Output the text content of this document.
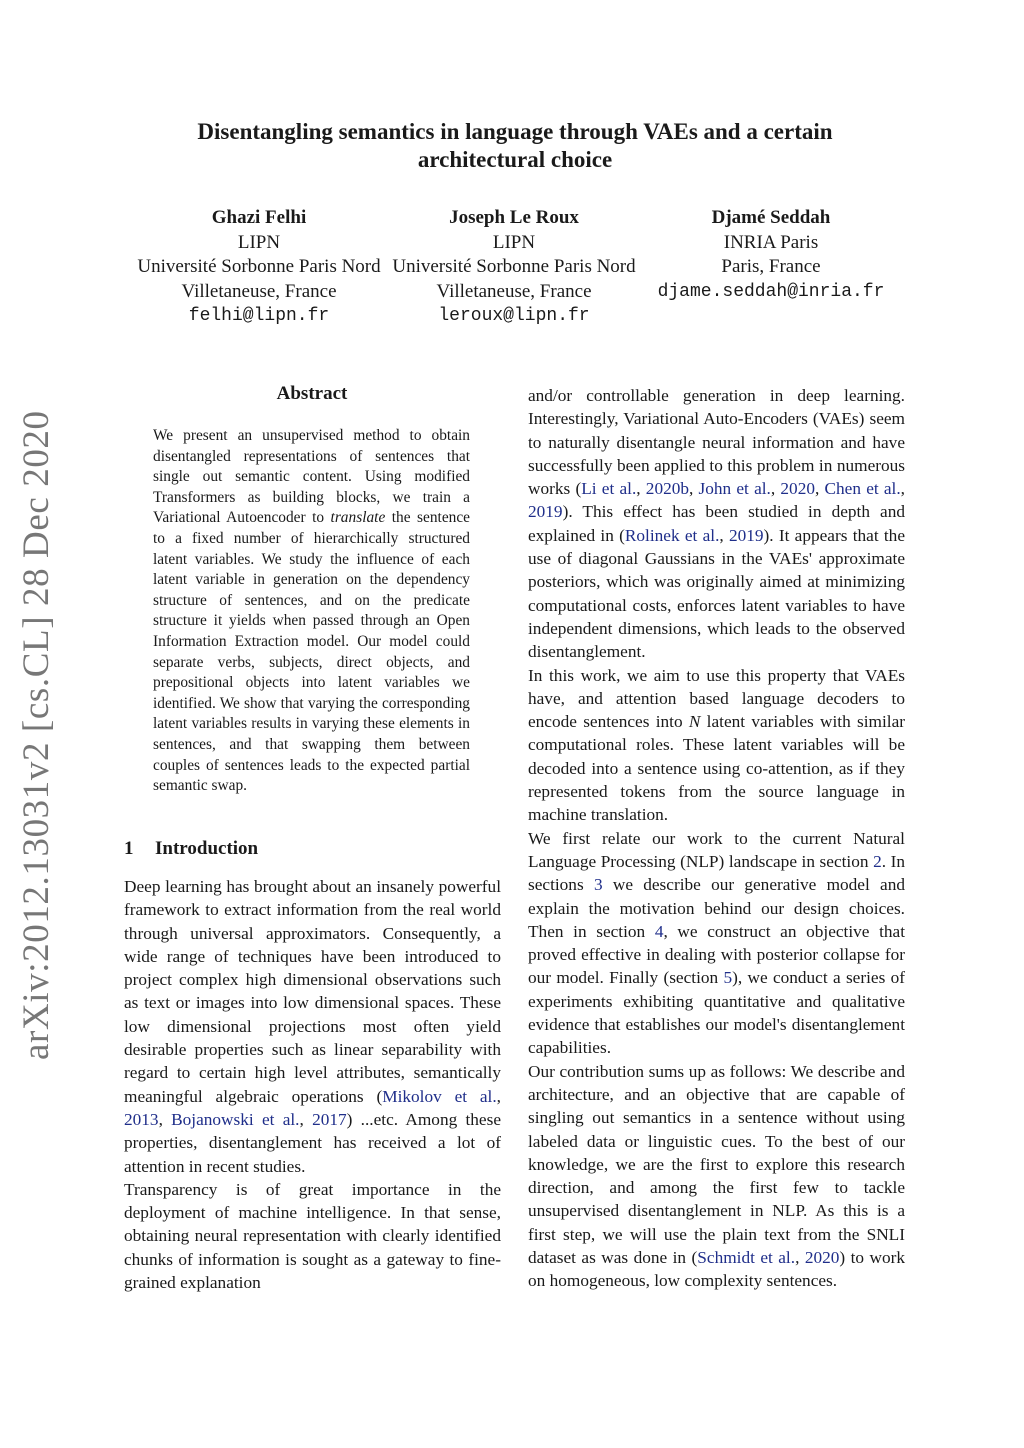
Disentangling semantics in language through VAEs and a certain
architectural choice
Ghazi Felhi
LIPN
Université Sorbonne Paris Nord
Villetaneuse, France
felhi@lipn.fr
Joseph Le Roux
LIPN
Université Sorbonne Paris Nord
Villetaneuse, France
leroux@lipn.fr
Djamé Seddah
INRIA Paris
Paris, France
djame.seddah@inria.fr
arXiv:2012.13031v2 [cs.CL] 28 Dec 2020
Abstract

We present an unsupervised method to obtain disentangled representations of sentences that single out semantic content. Using modified Transformers as building blocks, we train a Variational Autoencoder to translate the sentence to a fixed number of hierarchically structured latent variables. We study the influence of each latent variable in generation on the dependency structure of sentences, and on the predicate structure it yields when passed through an Open Information Extraction model. Our model could separate verbs, subjects, direct objects, and prepositional objects into latent variables we identified. We show that varying the corresponding latent variables results in varying these elements in sentences, and that swapping them between couples of sentences leads to the expected partial semantic swap.

1 Introduction

Deep learning has brought about an insanely powerful framework to extract information from the real world through universal approximators. Consequently, a wide range of techniques have been introduced to project complex high dimensional observations such as text or images into low dimensional spaces. These low dimensional projections most often yield desirable properties such as linear separability with regard to certain high level attributes, semantically meaningful algebraic operations (Mikolov et al., 2013, Bojanowski et al., 2017) ...etc. Among these properties, disentanglement has received a lot of attention in recent studies.

Transparency is of great importance in the deployment of machine intelligence. In that sense, obtaining neural representation with clearly identified chunks of information is sought as a gateway to fine-grained explanation

and/or controllable generation in deep learning. Interestingly, Variational Auto-Encoders (VAEs) seem to naturally disentangle neural information and have successfully been applied to this problem in numerous works (Li et al., 2020b, John et al., 2020, Chen et al., 2019). This effect has been studied in depth and explained in (Rolinek et al., 2019). It appears that the use of diagonal Gaussians in the VAEs' approximate posteriors, which was originally aimed at minimizing computational costs, enforces latent variables to have independent dimensions, which leads to the observed disentanglement.

In this work, we aim to use this property that VAEs have, and attention based language decoders to encode sentences into N latent variables with similar computational roles. These latent variables will be decoded into a sentence using co-attention, as if they represented tokens from the source language in machine translation.

We first relate our work to the current Natural Language Processing (NLP) landscape in section 2. In sections 3 we describe our generative model and explain the motivation behind our design choices. Then in section 4, we construct an objective that proved effective in dealing with posterior collapse for our model. Finally (section 5), we conduct a series of experiments exhibiting quantitative and qualitative evidence that establishes our model's disentanglement capabilities.

Our contribution sums up as follows: We describe and architecture, and an objective that are capable of singling out semantics in a sentence without using labeled data or linguistic cues. To the best of our knowledge, we are the first to explore this research direction, and among the first few to tackle unsupervised disentanglement in NLP. As this is a first step, we will use the plain text from the SNLI dataset as was done in (Schmidt et al., 2020) to work on homogeneous, low complexity sentences.
